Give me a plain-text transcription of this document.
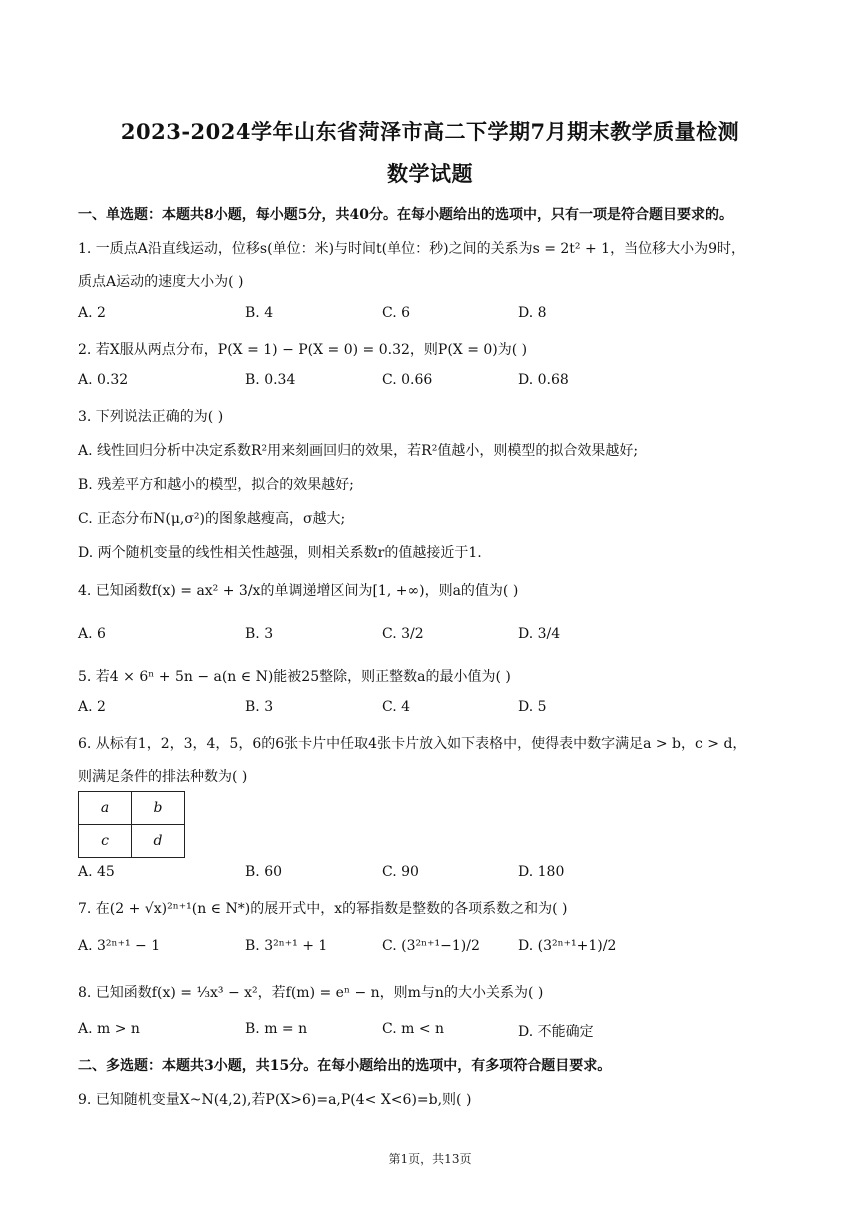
2023-2024学年山东省菏泽市高二下学期7月期末教学质量检测
数学试题
一、单选题：本题共8小题，每小题5分，共40分。在每小题给出的选项中，只有一项是符合题目要求的。
1. 一质点A沿直线运动，位移s(单位：米)与时间t(单位：秒)之间的关系为s = 2t² + 1，当位移大小为9时，
质点A运动的速度大小为( )
A. 2	B. 4	C. 6	D. 8
2. 若X服从两点分布，P(X = 1) − P(X = 0) = 0.32，则P(X = 0)为( )
A. 0.32	B. 0.34	C. 0.66	D. 0.68
3. 下列说法正确的为( )
A. 线性回归分析中决定系数R²用来刻画回归的效果，若R²值越小，则模型的拟合效果越好;
B. 残差平方和越小的模型，拟合的效果越好;
C. 正态分布N(μ,σ²)的图象越瘦高，σ越大;
D. 两个随机变量的线性相关性越强，则相关系数r的值越接近于1.
4. 已知函数f(x) = ax² + 3/x的单调递增区间为[1, +∞)，则a的值为( )
A. 6	B. 3	C. 3/2	D. 3/4
5. 若4 × 6ⁿ + 5n − a(n ∈ N)能被25整除，则正整数a的最小值为( )
A. 2	B. 3	C. 4	D. 5
6. 从标有1，2，3，4，5，6的6张卡片中任取4张卡片放入如下表格中，使得表中数字满足a > b，c > d，
则满足条件的排法种数为( )
a	b
c	d
A. 45	B. 60	C. 90	D. 180
7. 在(2 + √x)²ⁿ⁺¹(n ∈ N*)的展开式中，x的幂指数是整数的各项系数之和为( )
A. 3²ⁿ⁺¹ − 1	B. 3²ⁿ⁺¹ + 1	C. (3²ⁿ⁺¹−1)/2	D. (3²ⁿ⁺¹+1)/2
8. 已知函数f(x) = ⅓x³ − x²，若f(m) = eⁿ − n，则m与n的大小关系为( )
A. m > n	B. m = n	C. m < n	D. 不能确定
二、多选题：本题共3小题，共15分。在每小题给出的选项中，有多项符合题目要求。
9. 已知随机变量X~N(4,2),若P(X>6)=a,P(4< X<6)=b,则( )
第1页，共13页
